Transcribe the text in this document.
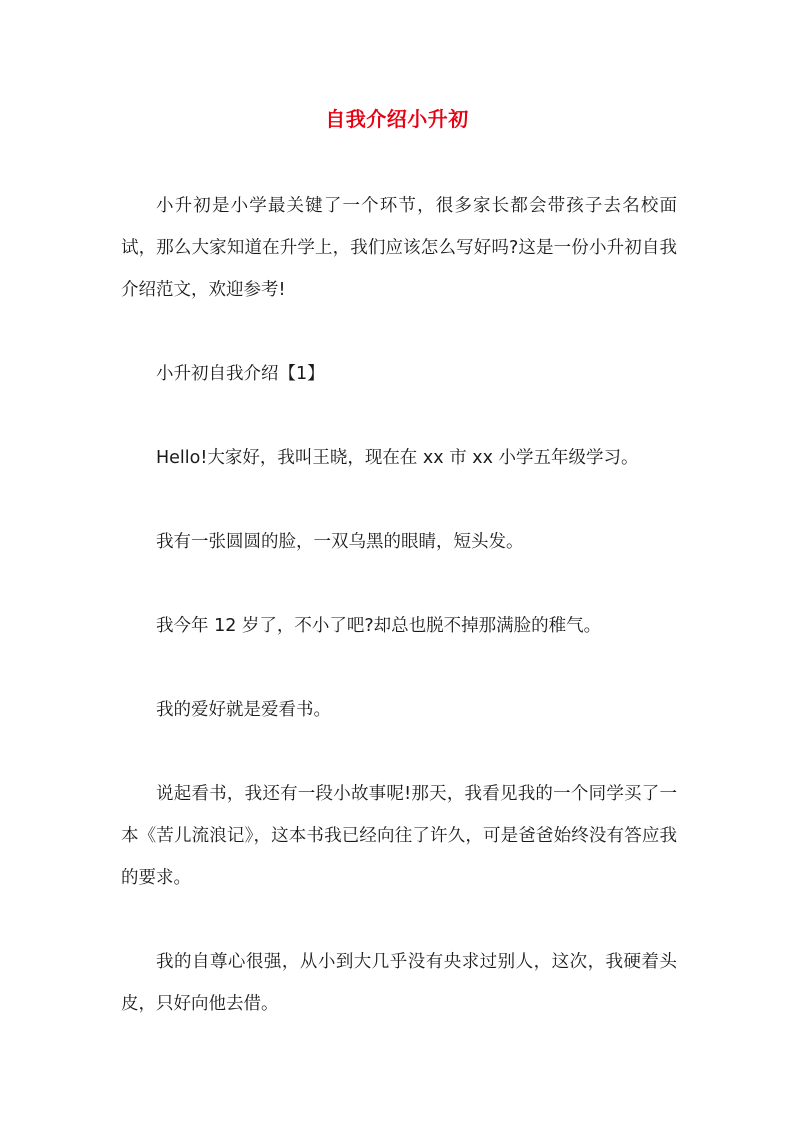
自我介绍小升初

小升初是小学最关键了一个环节，很多家长都会带孩子去名校面试，那么大家知道在升学上，我们应该怎么写好吗?这是一份小升初自我介绍范文，欢迎参考!

小升初自我介绍【1】

Hello!大家好，我叫王晓，现在在 xx 市 xx 小学五年级学习。

我有一张圆圆的脸，一双乌黑的眼睛，短头发。

我今年 12 岁了，不小了吧?却总也脱不掉那满脸的稚气。

我的爱好就是爱看书。

说起看书，我还有一段小故事呢!那天，我看见我的一个同学买了一本《苦儿流浪记》，这本书我已经向往了许久，可是爸爸始终没有答应我的要求。

我的自尊心很强，从小到大几乎没有央求过别人，这次，我硬着头皮，只好向他去借。
